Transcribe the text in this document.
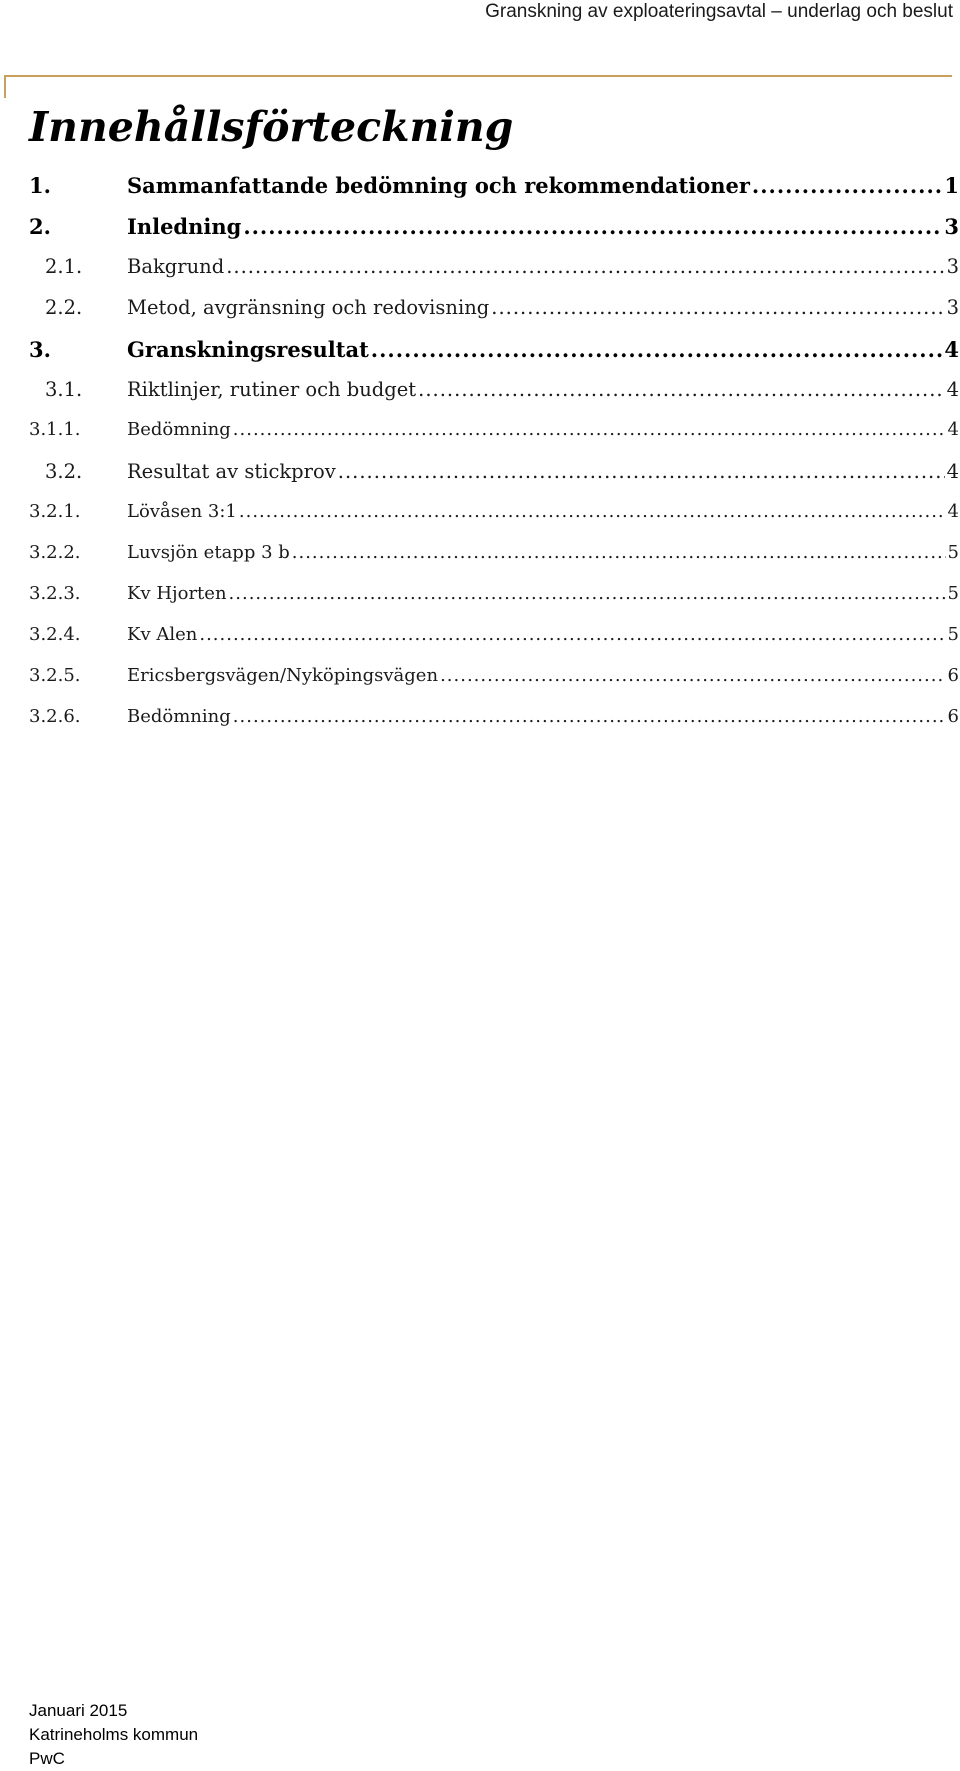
Granskning av exploateringsavtal – underlag och beslut
Innehållsförteckning
1.	Sammanfattande bedömning och rekommendationer .....	1
2.	Inledning .....	3
2.1.	Bakgrund .....	3
2.2.	Metod, avgränsning och redovisning .....	3
3.	Granskningsresultat .....	4
3.1.	Riktlinjer, rutiner och budget .....	4
3.1.1.	Bedömning .....	4
3.2.	Resultat av stickprov .....	4
3.2.1.	Lövåsen 3:1 .....	4
3.2.2.	Luvsjön etapp 3 b .....	5
3.2.3.	Kv Hjorten .....	5
3.2.4.	Kv Alen .....	5
3.2.5.	Ericsbergsvägen/Nyköpingsvägen .....	6
3.2.6.	Bedömning .....	6
Januari 2015
Katrineholms kommun
PwC
